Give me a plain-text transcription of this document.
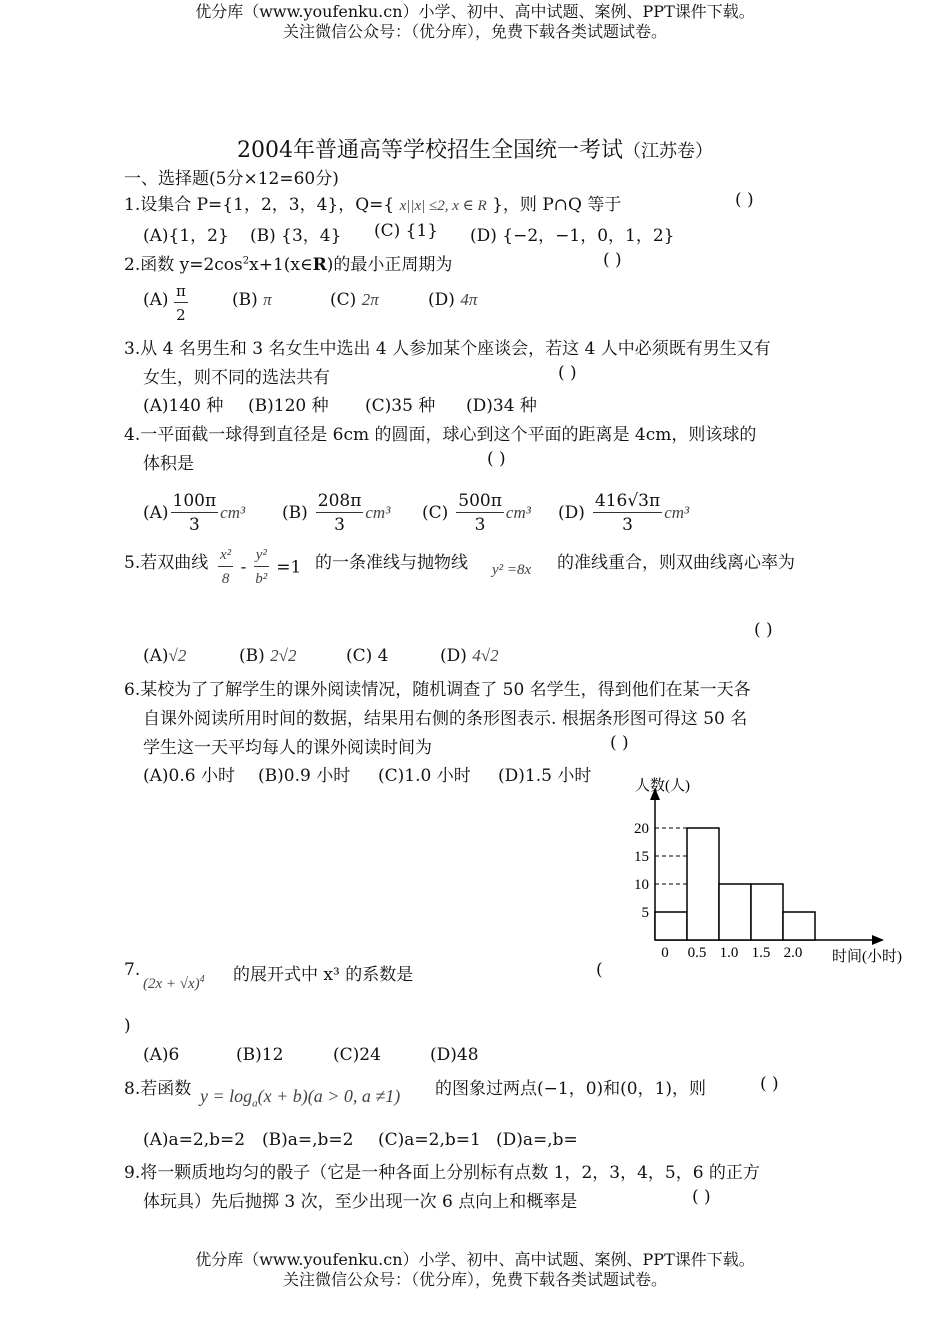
优分库（www.youfenku.cn）小学、初中、高中试题、案例、PPT课件下载。
关注微信公众号：（优分库），免费下载各类试题试卷。
2004年普通高等学校招生全国统一考试（江苏卷）
一、选择题(5分×12=60分)
1.设集合 P={1，2，3，4}，Q={ x||x| ≤2, x ∈ R }，则 P∩Q 等于	( )
(A){1，2} (B) {3，4} (C) {1} (D) {−2，−1，0，1，2}
2.函数 $y=2\cos^2x+1(x\in R)$的最小正周期为	( )
$(A) \frac{\pi}{2}$	(B) π	(C) 2π	(D) 4π
3.从 4 名男生和 3 名女生中选出 4 人参加某个座谈会，若这 4 人中必须既有男生又有
女生，则不同的选法共有	( )
(A)140 种 (B)120 种 (C)35 种 (D)34 种
4.一平面截一球得到直径是 6cm 的圆面，球心到这个平面的距离是 4cm，则该球的
体积是	( )
$(A) \frac{100\pi}{3} cm^3$ $(B) \frac{208\pi}{3} cm^3$ $(C) \frac{500\pi}{3} cm^3$ $(D) \frac{416√3\pi}{3} cm^3$
5.若双曲线 $\frac{\text{x²}}{8} - \frac{\text{y²}}{\text{b²}} =1$ 的一条准线与抛物线 y² =8x 的准线重合，则双曲线离心率为
( )
(A)√2	(B) 2√2	(C) 4	(D) 4√2
6.某校为了了解学生的课外阅读情况，随机调查了 50 名学生，得到他们在某一天各
自课外阅读所用时间的数据，结果用右侧的条形图表示. 根据条形图可得这 50 名
学生这一天平均每人的课外阅读时间为	( )
(A)0.6 小时 (B)0.9 小时 (C)1.0 小时 (D)1.5 小时
20
15
10
5
0 0.5 1.0 1.5 2.0
人数(人)
时间(小时)
7.
$(2x + √x)^4$ 的展开式中 x³ 的系数是	(
)
(A)6	(B)12	(C)24	(D)48
8.若函数 $y = \log_a(x + b)(a > 0$, a ≠1) 的图象过两点(−1，0)和(0，1)，则	( )
(A)a=2,b=2 (B)a=,b=2 (C)a=2,b=1 (D)a=,b=
9.将一颗质地均匀的骰子（它是一种各面上分别标有点数 1，2，3，4，5，6 的正方
体玩具）先后抛掷 3 次，至少出现一次 6 点向上和概率是	( )
优分库（www.youfenku.cn）小学、初中、高中试题、案例、PPT课件下载。
关注微信公众号：（优分库），免费下载各类试题试卷。
